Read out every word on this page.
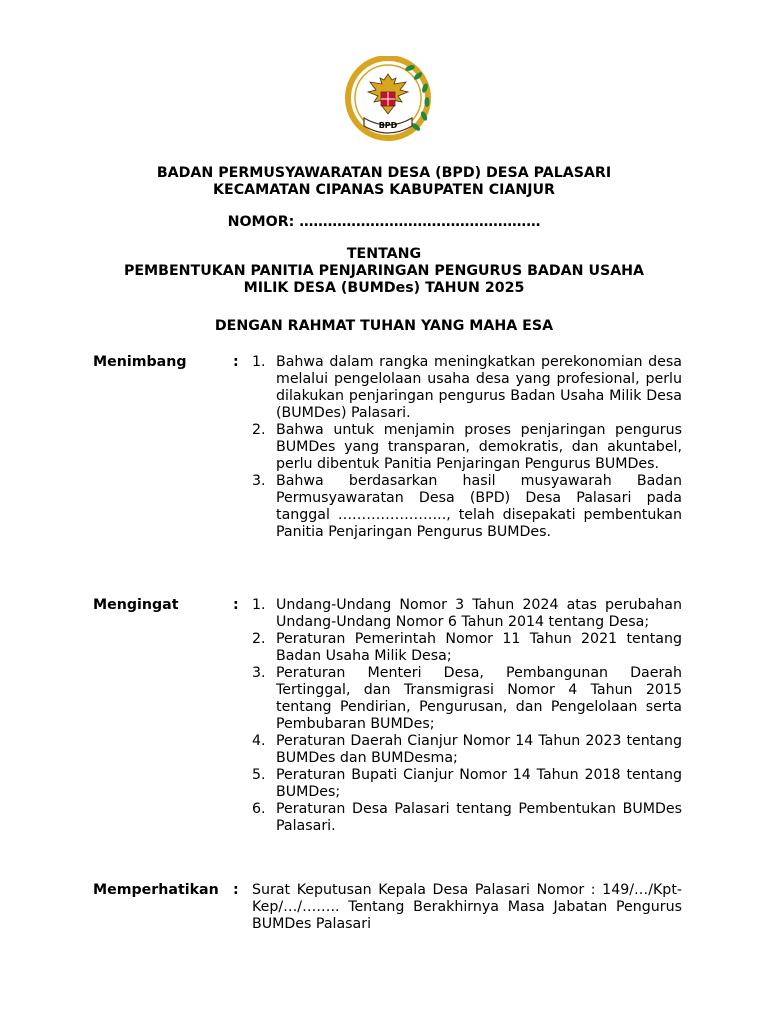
BPD
BADAN PERMUSYAWARATAN DESA (BPD) DESA PALASARI
KECAMATAN CIPANAS KABUPATEN CIANJUR
NOMOR: ……………………………………………
TENTANG
PEMBENTUKAN PANITIA PENJARINGAN PENGURUS BADAN USAHA
MILIK DESA (BUMDes) TAHUN 2025
DENGAN RAHMAT TUHAN YANG MAHA ESA
Menimbang	: 1. Bahwa dalam rangka meningkatkan perekonomian desa melalui pengelolaan usaha desa yang profesional, perlu dilakukan penjaringan pengurus Badan Usaha Milik Desa (BUMDes) Palasari.
2. Bahwa untuk menjamin proses penjaringan pengurus BUMDes yang transparan, demokratis, dan akuntabel, perlu dibentuk Panitia Penjaringan Pengurus BUMDes.
3. Bahwa berdasarkan hasil musyawarah Badan Permusyawaratan Desa (BPD) Desa Palasari pada tanggal ………………….., telah disepakati pembentukan Panitia Penjaringan Pengurus BUMDes.
Mengingat	: 1. Undang-Undang Nomor 3 Tahun 2024 atas perubahan Undang-Undang Nomor 6 Tahun 2014 tentang Desa;
2. Peraturan Pemerintah Nomor 11 Tahun 2021 tentang Badan Usaha Milik Desa;
3. Peraturan Menteri Desa, Pembangunan Daerah Tertinggal, dan Transmigrasi Nomor 4 Tahun 2015 tentang Pendirian, Pengurusan, dan Pengelolaan serta Pembubaran BUMDes;
4. Peraturan Daerah Cianjur Nomor 14 Tahun 2023 tentang BUMDes dan BUMDesma;
5. Peraturan Bupati Cianjur Nomor 14 Tahun 2018 tentang BUMDes;
6. Peraturan Desa Palasari tentang Pembentukan BUMDes Palasari.
Memperhatikan : Surat Keputusan Kepala Desa Palasari Nomor : 149/…/Kpt-Kep/…/…….. Tentang Berakhirnya Masa Jabatan Pengurus BUMDes Palasari
